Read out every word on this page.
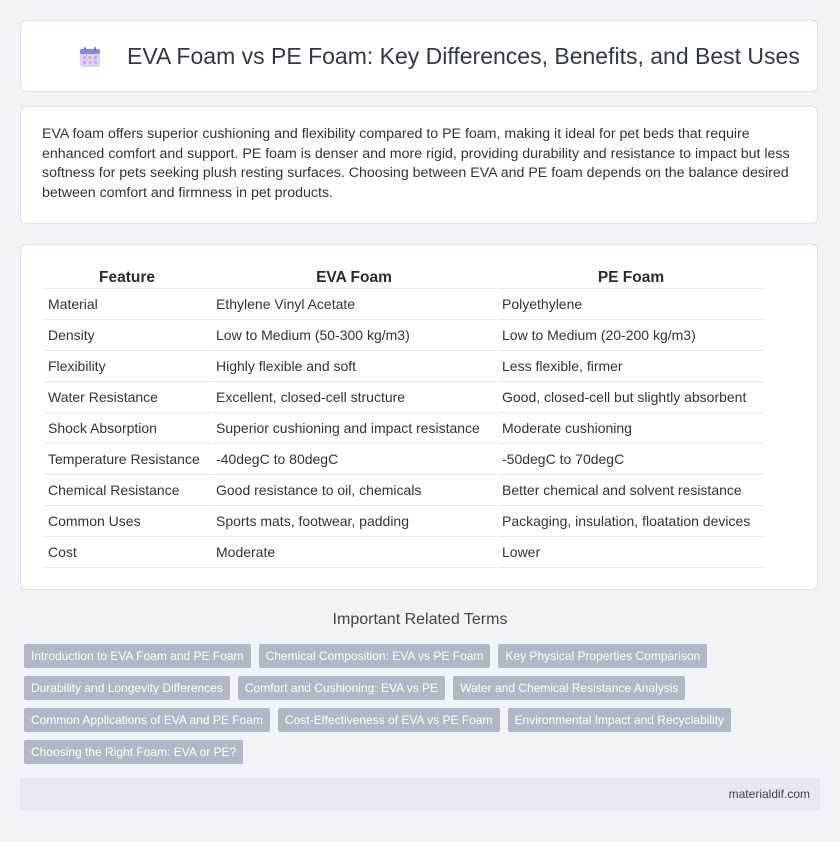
EVA Foam vs PE Foam: Key Differences, Benefits, and Best Uses

EVA foam offers superior cushioning and flexibility compared to PE foam, making it ideal for pet beds that require enhanced comfort and support. PE foam is denser and more rigid, providing durability and resistance to impact but less softness for pets seeking plush resting surfaces. Choosing between EVA and PE foam depends on the balance desired between comfort and firmness in pet products.

Feature	EVA Foam	PE Foam
Material	Ethylene Vinyl Acetate	Polyethylene
Density	Low to Medium (50-300 kg/m3)	Low to Medium (20-200 kg/m3)
Flexibility	Highly flexible and soft	Less flexible, firmer
Water Resistance	Excellent, closed-cell structure	Good, closed-cell but slightly absorbent
Shock Absorption	Superior cushioning and impact resistance	Moderate cushioning
Temperature Resistance	-40degC to 80degC	-50degC to 70degC
Chemical Resistance	Good resistance to oil, chemicals	Better chemical and solvent resistance
Common Uses	Sports mats, footwear, padding	Packaging, insulation, floatation devices
Cost	Moderate	Lower
Important Related Terms
Introduction to EVA Foam and PE Foam	Chemical Composition: EVA vs PE Foam	Key Physical Properties Comparison
Durability and Longevity Differences	Comfort and Cushioning: EVA vs PE	Water and Chemical Resistance Analysis
Common Applications of EVA and PE Foam	Cost-Effectiveness of EVA vs PE Foam	Environmental Impact and Recyclability
Choosing the Right Foam: EVA or PE?
materialdif.com
